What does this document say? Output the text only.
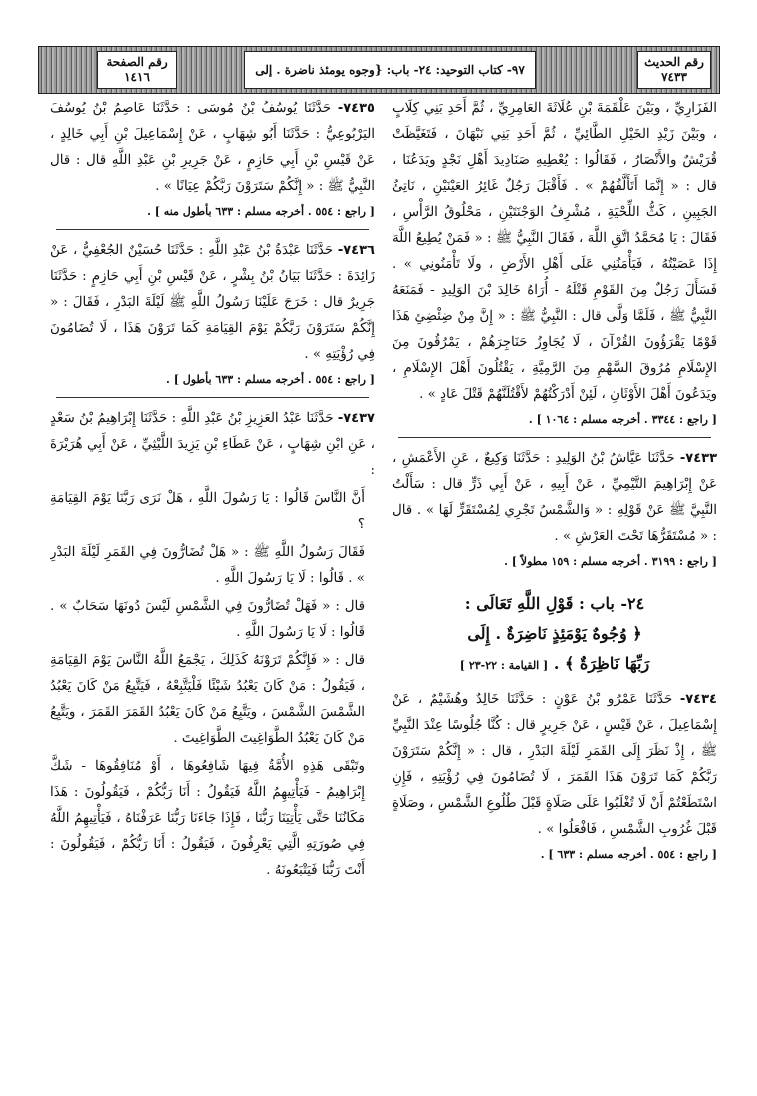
رقم الحديث
٧٤٣٣
٩٧- كتاب التوحيد: ٢٤- باب: {وجوه يومئذ ناضرة . إلى
رقم الصفحة
١٤١٦

الفَزَارِيِّ ، وبَيْنَ عَلْقَمَةَ بْنِ عُلَاثَةَ العَامِرِيِّ ، ثُمَّ أَحَدِ بَنِي كِلَابٍ ، وبَيْنَ زَيْدِ الخَيْلِ الطَّائِيِّ ، ثُمَّ أَحَدِ بَنِي نَبْهَانَ ، فَتَغَيَّظَتْ قُرَيْشٌ والأَنْصَارُ ، فَقَالُوا : يُعْطِيهِ صَنَادِيدَ أَهْلِ نَجْدٍ ويَدَعُنَا ، قال : « إِنَّمَا أَتَأَلَّفُهُمْ » . فَأَقْبَلَ رَجُلٌ غَائِرُ العَيْنَيْنِ ، نَاتِئُ الجَبِينِ ، كَثُّ اللِّحْيَةِ ، مُشْرِفُ الوَجْنَتَيْنِ ، مَحْلُوقُ الرَّأْسِ ، فَقَالَ : يَا مُحَمَّدُ اتَّقِ اللَّهَ ، فَقَالَ النَّبِيُّ ﷺ : « فَمَنْ يُطِيعُ اللَّهَ إِذَا عَصَيْتُهُ ، فَيَأْمَنُنِي عَلَى أَهْلِ الأَرْضِ ، ولَا تَأْمَنُونِي » . فَسَأَلَ رَجُلٌ مِنَ القَوْمِ قَتْلَهُ - أُرَاهُ خَالِدَ بْنَ الوَلِيدِ - فَمَنَعَهُ النَّبِيُّ ﷺ ، فَلَمَّا وَلَّى قال : النَّبِيُّ ﷺ : « إِنَّ مِنْ ضِئْضِئِ هَذَا قَوْمًا يَقْرَؤُونَ القُرْآنَ ، لَا يُجَاوِزُ حَنَاجِرَهُمْ ، يَمْرُقُونَ مِنَ الإِسْلَامِ مُرُوقَ السَّهْمِ مِنَ الرَّمِيَّةِ ، يَقْتُلُونَ أَهْلَ الإِسْلَامِ ، ويَدَعُونَ أَهْلَ الأَوْثَانِ ، لَئِنْ أَدْرَكْتُهُمْ لأَقْتُلَنَّهُمْ قَتْلَ عَادٍ » .

[ راجع : ٣٣٤٤ . أخرجه مسلم : ١٠٦٤ ] .

٧٤٣٣- حَدَّثَنَا عَيَّاشُ بْنُ الوَلِيدِ : حَدَّثَنَا وَكِيعٌ ، عَنِ الأَعْمَشِ ، عَنْ إِبْرَاهِيمَ التَّيْمِيِّ ، عَنْ أَبِيهِ ، عَنْ أَبِي ذَرٍّ قال : سَأَلْتُ النَّبِيَّ ﷺ عَنْ قَوْلِهِ : « وَالشَّمْسُ تَجْرِي لِمُسْتَقَرٍّ لَهَا » . قال : « مُسْتَقَرُّهَا تَحْتَ العَرْشِ » .

[ راجع : ٣١٩٩ . أخرجه مسلم : ١٥٩ مطولاً ] .

٢٤- باب : قَوْلِ اللَّهِ تَعَالَى :
﴿ وُجُوهٌ يَوْمَئِذٍ نَاضِرَةٌ . إِلَى
رَبِّهَا نَاظِرَةٌ ﴾ . [ القيامة : ٢٢-٢٣ ]

٧٤٣٤- حَدَّثَنَا عَمْرُو بْنُ عَوْنٍ : حَدَّثَنَا خَالِدٌ وهُشَيْمٌ ، عَنْ إِسْمَاعِيلَ ، عَنْ قَيْسٍ ، عَنْ جَرِيرٍ قال : كُنَّا جُلُوسًا عِنْدَ النَّبِيِّ ﷺ ، إِذْ نَظَرَ إِلَى القَمَرِ لَيْلَةَ البَدْرِ ، قال : « إِنَّكُمْ سَتَرَوْنَ رَبَّكُمْ كَمَا تَرَوْنَ هَذَا القَمَرَ ، لَا تُضَامُونَ فِي رُؤْيَتِهِ ، فَإِنِ اسْتَطَعْتُمْ أَنْ لَا تُغْلَبُوا عَلَى صَلَاةٍ قَبْلَ طُلُوعِ الشَّمْسِ ، وصَلَاةٍ قَبْلَ غُرُوبِ الشَّمْسِ ، فَافْعَلُوا » .

[ راجع : ٥٥٤ . أخرجه مسلم : ٦٣٣ ] .

٧٤٣٥- حَدَّثَنَا يُوسُفُ بْنُ مُوسَى : حَدَّثَنَا عَاصِمُ بْنُ يُوسُفَ اليَرْبُوعِيُّ : حَدَّثَنَا أَبُو شِهَابٍ ، عَنْ إِسْمَاعِيلَ بْنِ أَبِي خَالِدٍ ، عَنْ قَيْسِ بْنِ أَبِي حَازِمٍ ، عَنْ جَرِيرِ بْنِ عَبْدِ اللَّهِ قال : قال النَّبِيُّ ﷺ : « إِنَّكُمْ سَتَرَوْنَ رَبَّكُمْ عِيَانًا » .

[ راجع : ٥٥٤ . أخرجه مسلم : ٦٣٣ بأطول منه ] .

٧٤٣٦- حَدَّثَنَا عَبْدَةُ بْنُ عَبْدِ اللَّهِ : حَدَّثَنَا حُسَيْنٌ الجُعْفِيُّ ، عَنْ زَائِدَةَ : حَدَّثَنَا بَيَانُ بْنُ بِشْرٍ ، عَنْ قَيْسِ بْنِ أَبِي حَازِمٍ : حَدَّثَنَا جَرِيرٌ قال : خَرَجَ عَلَيْنَا رَسُولُ اللَّهِ ﷺ لَيْلَةَ البَدْرِ ، فَقَالَ : « إِنَّكُمْ سَتَرَوْنَ رَبَّكُمْ يَوْمَ القِيَامَةِ كَمَا تَرَوْنَ هَذَا ، لَا تُضَامُونَ فِي رُؤْيَتِهِ » .

[ راجع : ٥٥٤ . أخرجه مسلم : ٦٣٣ بأطول ] .

٧٤٣٧- حَدَّثَنَا عَبْدُ العَزِيزِ بْنُ عَبْدِ اللَّهِ : حَدَّثَنَا إِبْرَاهِيمُ بْنُ سَعْدٍ ، عَنِ ابْنِ شِهَابٍ ، عَنْ عَطَاءِ بْنِ يَزِيدَ اللَّيْثِيِّ ، عَنْ أَبِي هُرَيْرَةَ :

أَنَّ النَّاسَ قَالُوا : يَا رَسُولَ اللَّهِ ، هَلْ نَرَى رَبَّنَا يَوْمَ القِيَامَةِ ؟

فَقَالَ رَسُولُ اللَّهِ ﷺ : « هَلْ تُضَارُّونَ فِي القَمَرِ لَيْلَةَ البَدْرِ » . قَالُوا : لَا يَا رَسُولَ اللَّهِ .

قال : « فَهَلْ تُضَارُّونَ فِي الشَّمْسِ لَيْسَ دُونَهَا سَحَابٌ » . قَالُوا : لَا يَا رَسُولَ اللَّهِ .

قال : « فَإِنَّكُمْ تَرَوْنَهُ كَذَلِكَ ، يَجْمَعُ اللَّهُ النَّاسَ يَوْمَ القِيَامَةِ ، فَيَقُولُ : مَنْ كَانَ يَعْبُدُ شَيْئًا فَلْيَتَّبِعْهُ ، فَيَتَّبِعُ مَنْ كَانَ يَعْبُدُ الشَّمْسَ الشَّمْسَ ، ويَتَّبِعُ مَنْ كَانَ يَعْبُدُ القَمَرَ القَمَرَ ، ويَتَّبِعُ مَنْ كَانَ يَعْبُدُ الطَّوَاغِيتَ الطَّوَاغِيتَ .

وتَبْقَى هَذِهِ الأُمَّةُ فِيهَا شَافِعُوهَا ، أَوْ مُنَافِقُوهَا - شَكَّ إِبْرَاهِيمُ - فَيَأْتِيهِمُ اللَّهُ فَيَقُولُ : أَنَا رَبُّكُمْ ، فَيَقُولُونَ : هَذَا مَكَانُنَا حَتَّى يَأْتِيَنَا رَبُّنَا ، فَإِذَا جَاءَنَا رَبُّنَا عَرَفْنَاهُ ، فَيَأْتِيهِمُ اللَّهُ فِي صُورَتِهِ الَّتِي يَعْرِفُونَ ، فَيَقُولُ : أَنَا رَبُّكُمْ ، فَيَقُولُونَ : أَنْتَ رَبُّنَا فَيَتْبَعُونَهُ .
